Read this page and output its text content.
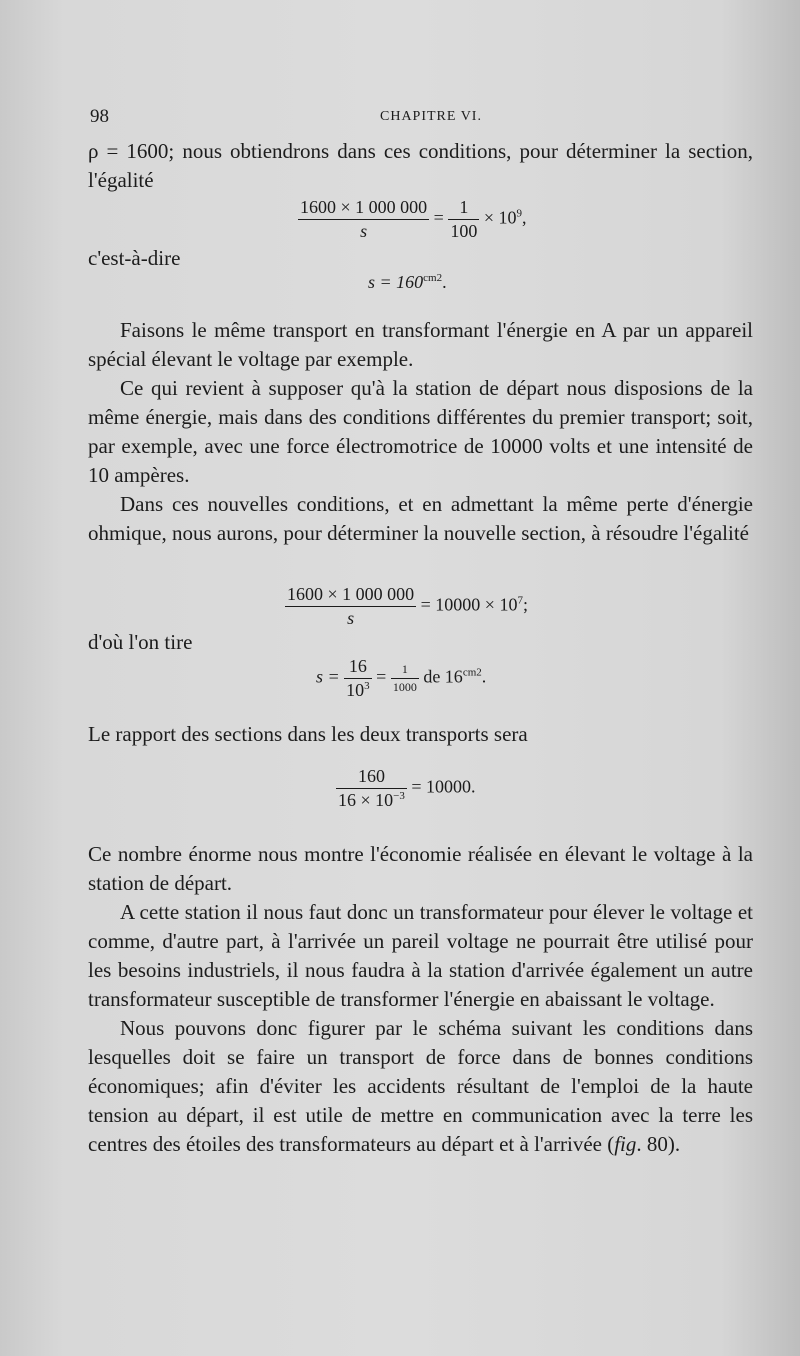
98	CHAPITRE VI.

ρ = 1600; nous obtiendrons dans ces conditions, pour déterminer la section, l'égalité

$\frac{1600 \times 1 000 000}{s} = \frac{1}{100} \times 10^9$,

c'est-à-dire

$s = 160^{cm2}$.

Faisons le même transport en transformant l'énergie en A par un appareil spécial élevant le voltage par exemple.

Ce qui revient à supposer qu'à la station de départ nous disposions de la même énergie, mais dans des conditions différentes du premier transport; soit, par exemple, avec une force électromotrice de 10000 volts et une intensité de 10 ampères.

Dans ces nouvelles conditions, et en admettant la même perte d'énergie ohmique, nous aurons, pour déterminer la nouvelle section, à résoudre l'égalité

$\frac{1600 \times 1 000 000}{s} = 10000 \times 10^7$;

d'où l'on tire

$s = \frac{16}{10^3} = \frac{1}{1000}$ de $16^{cm2}$.

Le rapport des sections dans les deux transports sera

$\frac{160}{16 \times 10^{-3}} = 10000$.

Ce nombre énorme nous montre l'économie réalisée en élevant le voltage à la station de départ.

A cette station il nous faut donc un transformateur pour élever le voltage et comme, d'autre part, à l'arrivée un pareil voltage ne pourrait être utilisé pour les besoins industriels, il nous faudra à la station d'arrivée également un autre transformateur susceptible de transformer l'énergie en abaissant le voltage.

Nous pouvons donc figurer par le schéma suivant les conditions dans lesquelles doit se faire un transport de force dans de bonnes conditions économiques; afin d'éviter les accidents résultant de l'emploi de la haute tension au départ, il est utile de mettre en communication avec la terre les centres des étoiles des transformateurs au départ et à l'arrivée (fig. 80).
